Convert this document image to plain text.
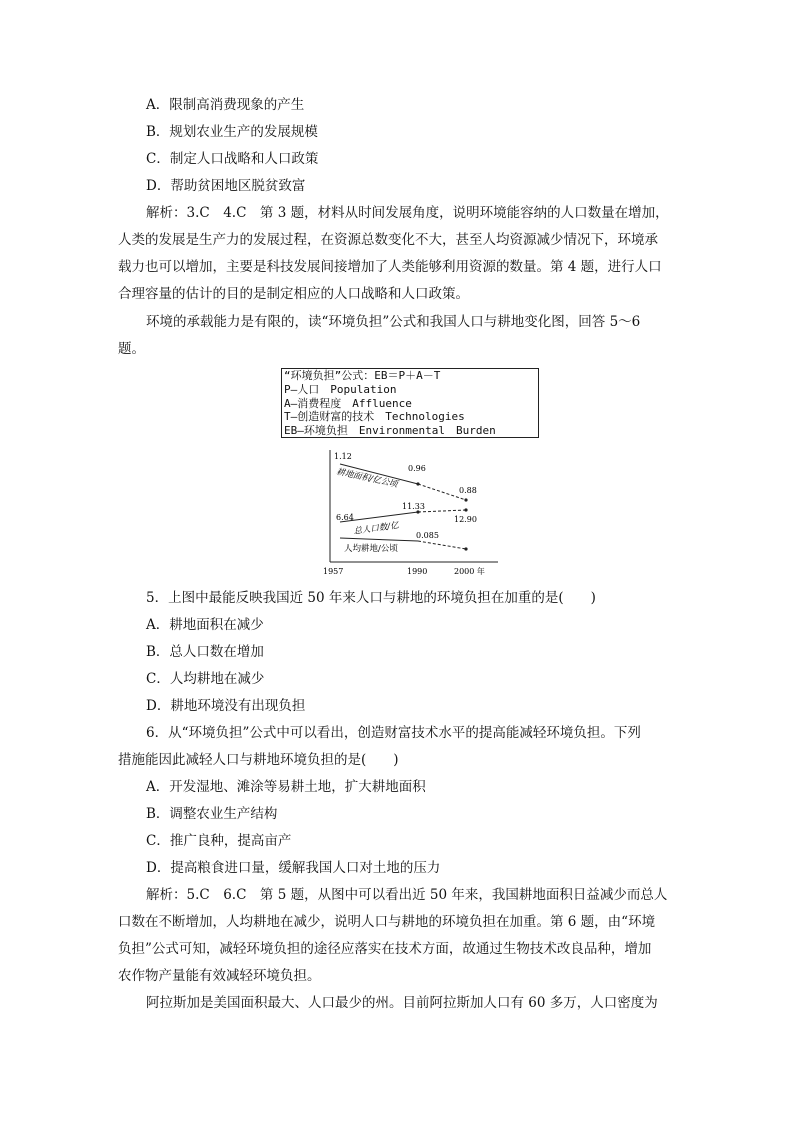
A．限制高消费现象的产生
B．规划农业生产的发展规模
C．制定人口战略和人口政策
D．帮助贫困地区脱贫致富
解析：3.C　4.C　第 3 题，材料从时间发展角度，说明环境能容纳的人口数量在增加，
人类的发展是生产力的发展过程，在资源总数变化不大，甚至人均资源减少情况下，环境承
载力也可以增加，主要是科技发展间接增加了人类能够利用资源的数量。第 4 题，进行人口
合理容量的估计的目的是制定相应的人口战略和人口政策。
环境的承载能力是有限的，读“环境负担”公式和我国人口与耕地变化图，回答 5～6
题。
“环境负担”公式：EB＝P＋A－T
P—人口　Population
A—消费程度　Affluence
T—创造财富的技术　Technologies
EB—环境负担　Environmental　Burden
1.12
0.96
0.88
耕地面积/亿公顷
6.64
11.33
12.90
总人口数/亿 0.085
人均耕地/公顷
1957	1990	2000 年
5．上图中最能反映我国近 50 年来人口与耕地的环境负担在加重的是(　　)
A．耕地面积在减少
B．总人口数在增加
C．人均耕地在减少
D．耕地环境没有出现负担
6．从“环境负担”公式中可以看出，创造财富技术水平的提高能减轻环境负担。下列
措施能因此减轻人口与耕地环境负担的是(　　)
A．开发湿地、滩涂等易耕土地，扩大耕地面积
B．调整农业生产结构
C．推广良种，提高亩产
D．提高粮食进口量，缓解我国人口对土地的压力
解析：5.C　6.C　第 5 题，从图中可以看出近 50 年来，我国耕地面积日益减少而总人
口数在不断增加，人均耕地在减少，说明人口与耕地的环境负担在加重。第 6 题，由“环境
负担”公式可知，减轻环境负担的途径应落实在技术方面，故通过生物技术改良品种，增加
农作物产量能有效减轻环境负担。
阿拉斯加是美国面积最大、人口最少的州。目前阿拉斯加人口有 60 多万，人口密度为
